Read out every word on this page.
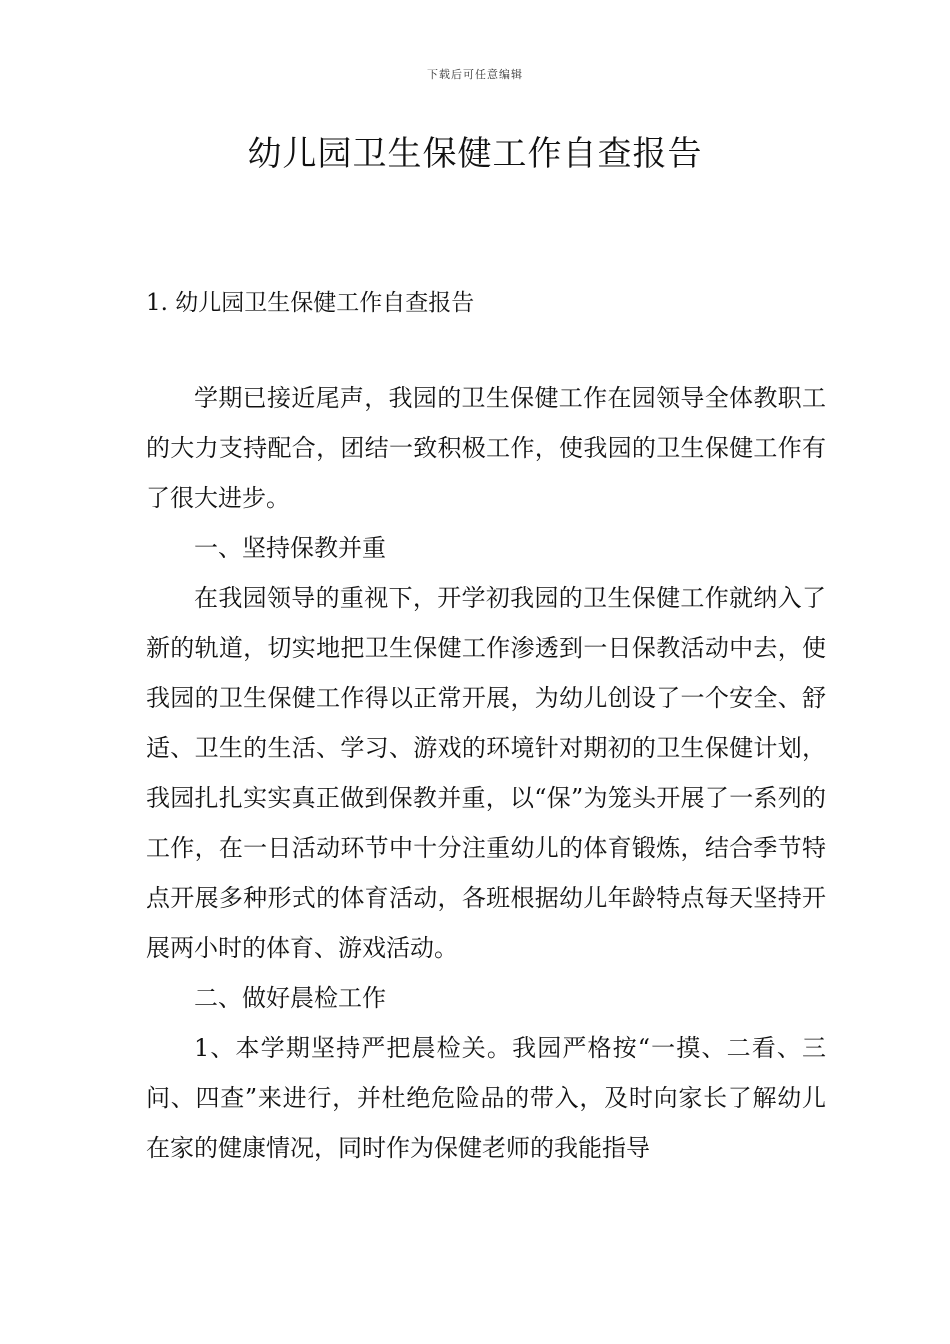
下载后可任意编辑
幼儿园卫生保健工作自查报告
1. 幼儿园卫生保健工作自查报告

学期已接近尾声，我园的卫生保健工作在园领导全体教职工的大力支持配合，团结一致积极工作，使我园的卫生保健工作有了很大进步。

一、坚持保教并重

在我园领导的重视下，开学初我园的卫生保健工作就纳入了新的轨道，切实地把卫生保健工作渗透到一日保教活动中去，使我园的卫生保健工作得以正常开展，为幼儿创设了一个安全、舒适、卫生的生活、学习、游戏的环境针对期初的卫生保健计划，我园扎扎实实真正做到保教并重，以“保”为笼头开展了一系列的工作，在一日活动环节中十分注重幼儿的体育锻炼，结合季节特点开展多种形式的体育活动，各班根据幼儿年龄特点每天坚持开展两小时的体育、游戏活动。

二、做好晨检工作

1、本学期坚持严把晨检关。我园严格按“一摸、二看、三问、四查”来进行，并杜绝危险品的带入，及时向家长了解幼儿在家的健康情况，同时作为保健老师的我能指导
